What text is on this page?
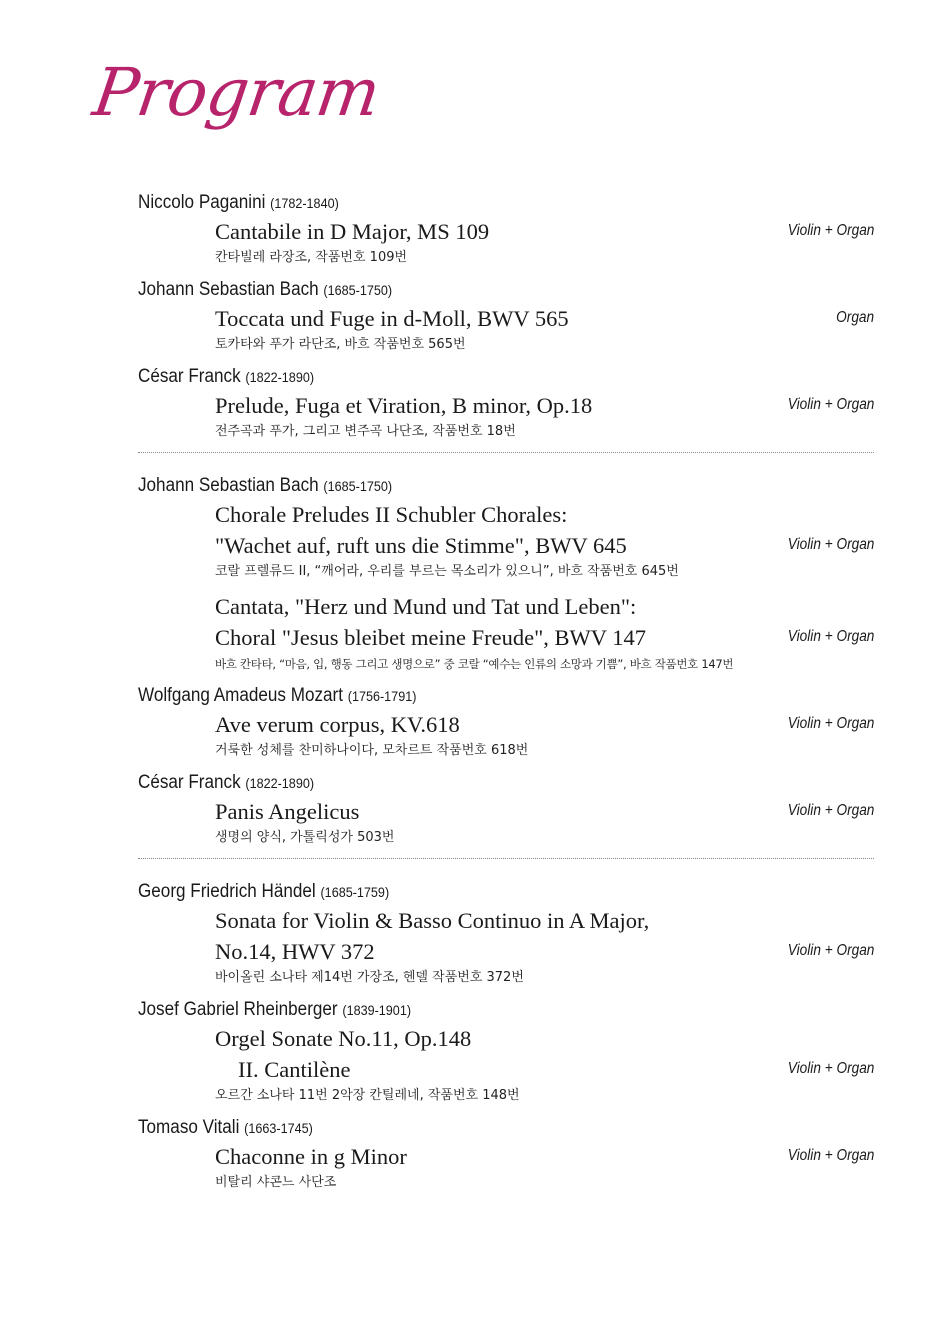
Program
Niccolo Paganini (1782-1840)
Cantabile in D Major, MS 109
칸타빌레 라장조, 작품번호 109번
Violin + Organ
Johann Sebastian Bach (1685-1750)
Toccata und Fuge in d-Moll, BWV 565
토카타와 푸가 라단조, 바흐 작품번호 565번
Organ
César Franck (1822-1890)
Prelude, Fuga et Viration, B minor, Op.18
전주곡과 푸가, 그리고 변주곡 나단조, 작품번호 18번
Violin + Organ
Johann Sebastian Bach (1685-1750)
Chorale Preludes II Schubler Chorales:
"Wachet auf, ruft uns die Stimme", BWV 645
코랄 프렐류드 II, “깨어라, 우리를 부르는 목소리가 있으니”, 바흐 작품번호 645번
Violin + Organ
Cantata, "Herz und Mund und Tat und Leben":
Choral "Jesus bleibet meine Freude", BWV 147
바흐 칸타타, “마음, 입, 행동 그리고 생명으로” 중 코랄 “예수는 인류의 소망과 기쁨”, 바흐 작품번호 147번
Violin + Organ
Wolfgang Amadeus Mozart (1756-1791)
Ave verum corpus, KV.618
거룩한 성체를 찬미하나이다, 모차르트 작품번호 618번
Violin + Organ
César Franck (1822-1890)
Panis Angelicus
생명의 양식, 가톨릭성가 503번
Violin + Organ
Georg Friedrich Händel (1685-1759)
Sonata for Violin & Basso Continuo in A Major,
No.14, HWV 372
바이올린 소나타 제14번 가장조, 헨델 작품번호 372번
Violin + Organ
Josef Gabriel Rheinberger (1839-1901)
Orgel Sonate No.11, Op.148
II. Cantilène
오르간 소나타 11번 2악장 칸틸레네, 작품번호 148번
Violin + Organ
Tomaso Vitali (1663-1745)
Chaconne in g Minor
비탈리 샤콘느 사단조
Violin + Organ
